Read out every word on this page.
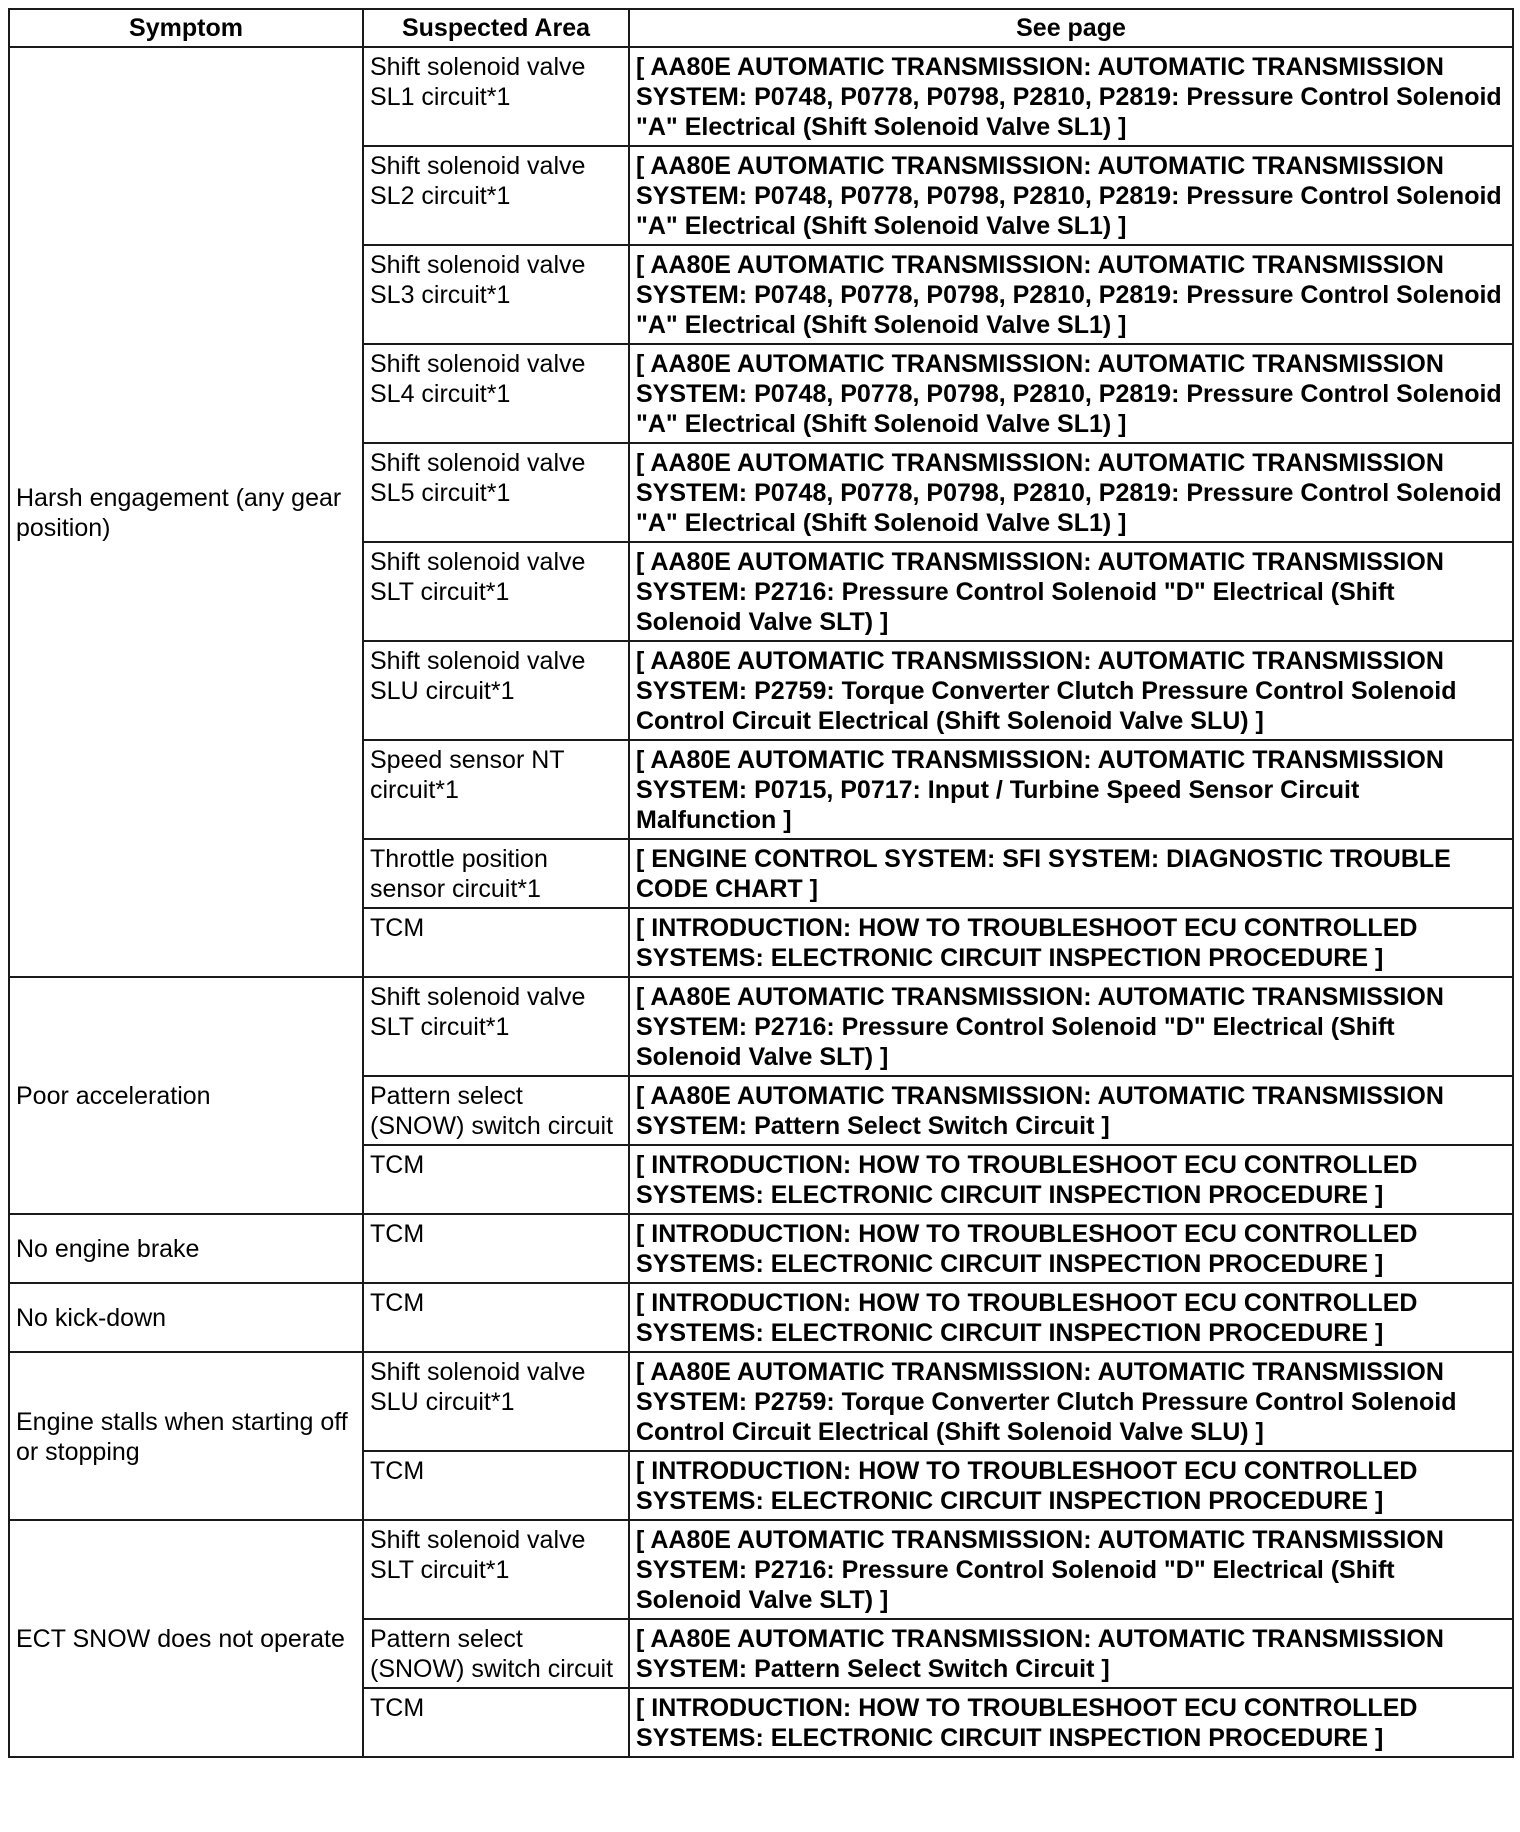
Symptom	Suspected Area	See page
Harsh engagement (any gear position)	Shift solenoid valve SL1 circuit*1	[ AA80E AUTOMATIC TRANSMISSION: AUTOMATIC TRANSMISSION SYSTEM: P0748, P0778, P0798, P2810, P2819: Pressure Control Solenoid "A" Electrical (Shift Solenoid Valve SL1) ]
	Shift solenoid valve SL2 circuit*1	[ AA80E AUTOMATIC TRANSMISSION: AUTOMATIC TRANSMISSION SYSTEM: P0748, P0778, P0798, P2810, P2819: Pressure Control Solenoid "A" Electrical (Shift Solenoid Valve SL1) ]
	Shift solenoid valve SL3 circuit*1	[ AA80E AUTOMATIC TRANSMISSION: AUTOMATIC TRANSMISSION SYSTEM: P0748, P0778, P0798, P2810, P2819: Pressure Control Solenoid "A" Electrical (Shift Solenoid Valve SL1) ]
	Shift solenoid valve SL4 circuit*1	[ AA80E AUTOMATIC TRANSMISSION: AUTOMATIC TRANSMISSION SYSTEM: P0748, P0778, P0798, P2810, P2819: Pressure Control Solenoid "A" Electrical (Shift Solenoid Valve SL1) ]
	Shift solenoid valve SL5 circuit*1	[ AA80E AUTOMATIC TRANSMISSION: AUTOMATIC TRANSMISSION SYSTEM: P0748, P0778, P0798, P2810, P2819: Pressure Control Solenoid "A" Electrical (Shift Solenoid Valve SL1) ]
	Shift solenoid valve SLT circuit*1	[ AA80E AUTOMATIC TRANSMISSION: AUTOMATIC TRANSMISSION SYSTEM: P2716: Pressure Control Solenoid "D" Electrical (Shift Solenoid Valve SLT) ]
	Shift solenoid valve SLU circuit*1	[ AA80E AUTOMATIC TRANSMISSION: AUTOMATIC TRANSMISSION SYSTEM: P2759: Torque Converter Clutch Pressure Control Solenoid Control Circuit Electrical (Shift Solenoid Valve SLU) ]
	Speed sensor NT circuit*1	[ AA80E AUTOMATIC TRANSMISSION: AUTOMATIC TRANSMISSION SYSTEM: P0715, P0717: Input / Turbine Speed Sensor Circuit Malfunction ]
	Throttle position sensor circuit*1	[ ENGINE CONTROL SYSTEM: SFI SYSTEM: DIAGNOSTIC TROUBLE CODE CHART ]
	TCM	[ INTRODUCTION: HOW TO TROUBLESHOOT ECU CONTROLLED SYSTEMS: ELECTRONIC CIRCUIT INSPECTION PROCEDURE ]
Poor acceleration	Shift solenoid valve SLT circuit*1	[ AA80E AUTOMATIC TRANSMISSION: AUTOMATIC TRANSMISSION SYSTEM: P2716: Pressure Control Solenoid "D" Electrical (Shift Solenoid Valve SLT) ]
	Pattern select (SNOW) switch circuit	[ AA80E AUTOMATIC TRANSMISSION: AUTOMATIC TRANSMISSION SYSTEM: Pattern Select Switch Circuit ]
	TCM	[ INTRODUCTION: HOW TO TROUBLESHOOT ECU CONTROLLED SYSTEMS: ELECTRONIC CIRCUIT INSPECTION PROCEDURE ]
No engine brake	TCM	[ INTRODUCTION: HOW TO TROUBLESHOOT ECU CONTROLLED SYSTEMS: ELECTRONIC CIRCUIT INSPECTION PROCEDURE ]
No kick-down	TCM	[ INTRODUCTION: HOW TO TROUBLESHOOT ECU CONTROLLED SYSTEMS: ELECTRONIC CIRCUIT INSPECTION PROCEDURE ]
Engine stalls when starting off or stopping	Shift solenoid valve SLU circuit*1	[ AA80E AUTOMATIC TRANSMISSION: AUTOMATIC TRANSMISSION SYSTEM: P2759: Torque Converter Clutch Pressure Control Solenoid Control Circuit Electrical (Shift Solenoid Valve SLU) ]
	TCM	[ INTRODUCTION: HOW TO TROUBLESHOOT ECU CONTROLLED SYSTEMS: ELECTRONIC CIRCUIT INSPECTION PROCEDURE ]
ECT SNOW does not operate	Shift solenoid valve SLT circuit*1	[ AA80E AUTOMATIC TRANSMISSION: AUTOMATIC TRANSMISSION SYSTEM: P2716: Pressure Control Solenoid "D" Electrical (Shift Solenoid Valve SLT) ]
	Pattern select (SNOW) switch circuit	[ AA80E AUTOMATIC TRANSMISSION: AUTOMATIC TRANSMISSION SYSTEM: Pattern Select Switch Circuit ]
	TCM	[ INTRODUCTION: HOW TO TROUBLESHOOT ECU CONTROLLED SYSTEMS: ELECTRONIC CIRCUIT INSPECTION PROCEDURE ]
